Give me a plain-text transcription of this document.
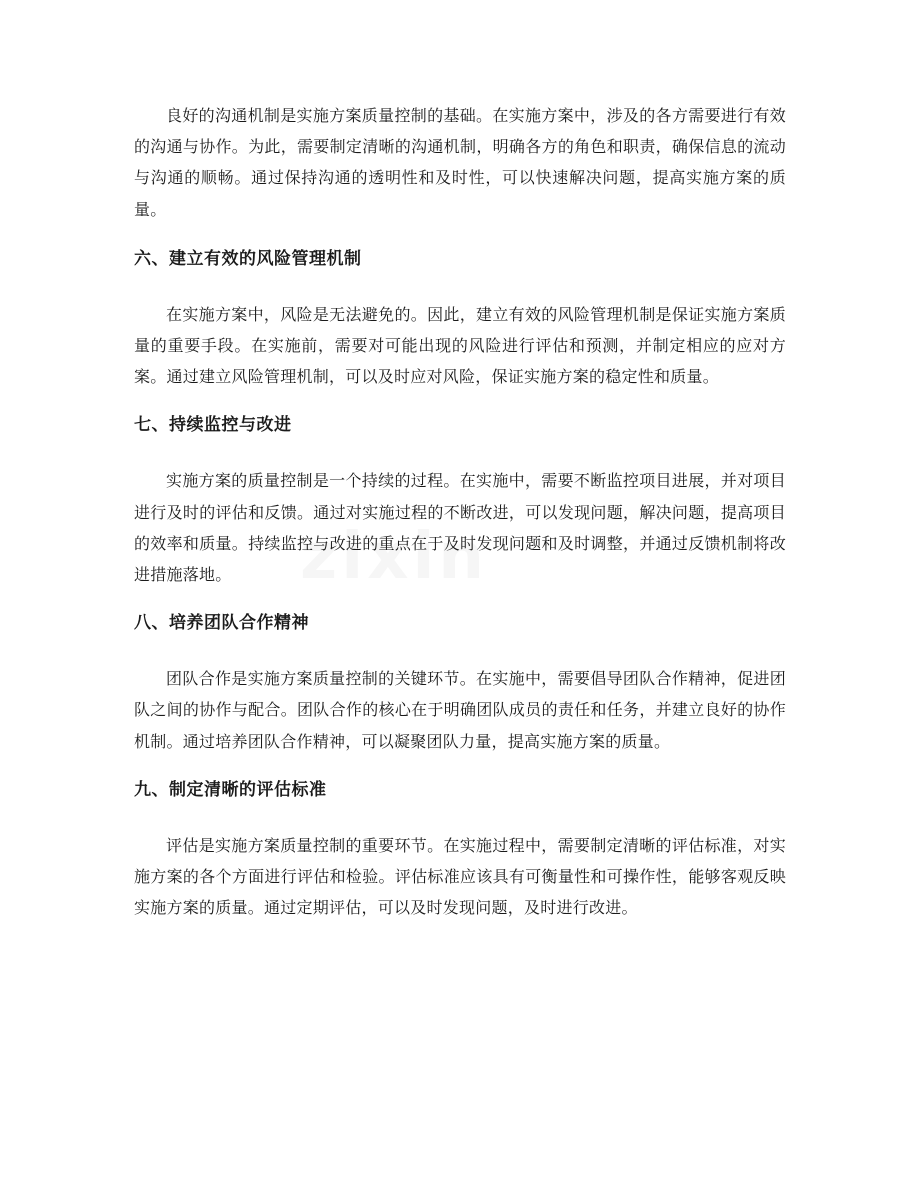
zixin

良好的沟通机制是实施方案质量控制的基础。在实施方案中，涉及的各方需要进行有效的沟通与协作。为此，需要制定清晰的沟通机制，明确各方的角色和职责，确保信息的流动与沟通的顺畅。通过保持沟通的透明性和及时性，可以快速解决问题，提高实施方案的质量。

六、建立有效的风险管理机制

在实施方案中，风险是无法避免的。因此，建立有效的风险管理机制是保证实施方案质量的重要手段。在实施前，需要对可能出现的风险进行评估和预测，并制定相应的应对方案。通过建立风险管理机制，可以及时应对风险，保证实施方案的稳定性和质量。

七、持续监控与改进

实施方案的质量控制是一个持续的过程。在实施中，需要不断监控项目进展，并对项目进行及时的评估和反馈。通过对实施过程的不断改进，可以发现问题，解决问题，提高项目的效率和质量。持续监控与改进的重点在于及时发现问题和及时调整，并通过反馈机制将改进措施落地。

八、培养团队合作精神

团队合作是实施方案质量控制的关键环节。在实施中，需要倡导团队合作精神，促进团队之间的协作与配合。团队合作的核心在于明确团队成员的责任和任务，并建立良好的协作机制。通过培养团队合作精神，可以凝聚团队力量，提高实施方案的质量。

九、制定清晰的评估标准

评估是实施方案质量控制的重要环节。在实施过程中，需要制定清晰的评估标准，对实施方案的各个方面进行评估和检验。评估标准应该具有可衡量性和可操作性，能够客观反映实施方案的质量。通过定期评估，可以及时发现问题，及时进行改进。
